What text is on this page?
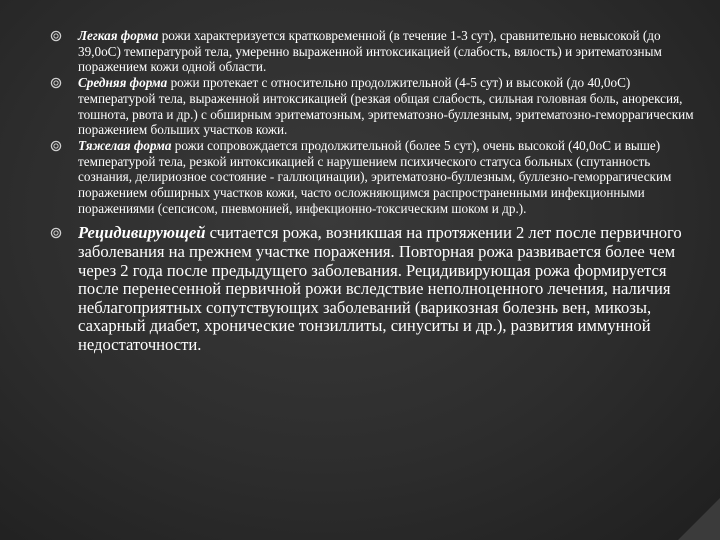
Легкая форма рожи характеризуется кратковременной (в течение 1-3 сут), сравнительно невысокой (до 39,0оС) температурой тела, умеренно выраженной интоксикацией (слабость, вялость) и эритематозным поражением кожи одной области.
Средняя форма рожи протекает с относительно продолжительной (4-5 сут) и высокой (до 40,0оС) температурой тела, выраженной интоксикацией (резкая общая слабость, сильная головная боль, анорексия, тошнота, рвота и др.) с обширным эритематозным, эритематозно-буллезным, эритематозно-геморрагическим поражением больших участков кожи.
Тяжелая форма рожи сопровождается продолжительной (более 5 сут), очень высокой (40,0оС и выше) температурой тела, резкой интоксикацией с нарушением психического статуса больных (спутанность сознания, делириозное состояние - галлюцинации), эритематозно-буллезным, буллезно-геморрагическим поражением обширных участков кожи, часто осложняющимся распространенными инфекционными поражениями (сепсисом, пневмонией, инфекционно-токсическим шоком и др.).
Рецидивирующей считается рожа, возникшая на протяжении 2 лет после первичного заболевания на прежнем участке поражения. Повторная рожа развивается более чем через 2 года после предыдущего заболевания. Рецидивирующая рожа формируется после перенесенной первичной рожи вследствие неполноценного лечения, наличия неблагоприятных сопутствующих заболеваний (варикозная болезнь вен, микозы, сахарный диабет, хронические тонзиллиты, синуситы и др.), развития иммунной недостаточности.
